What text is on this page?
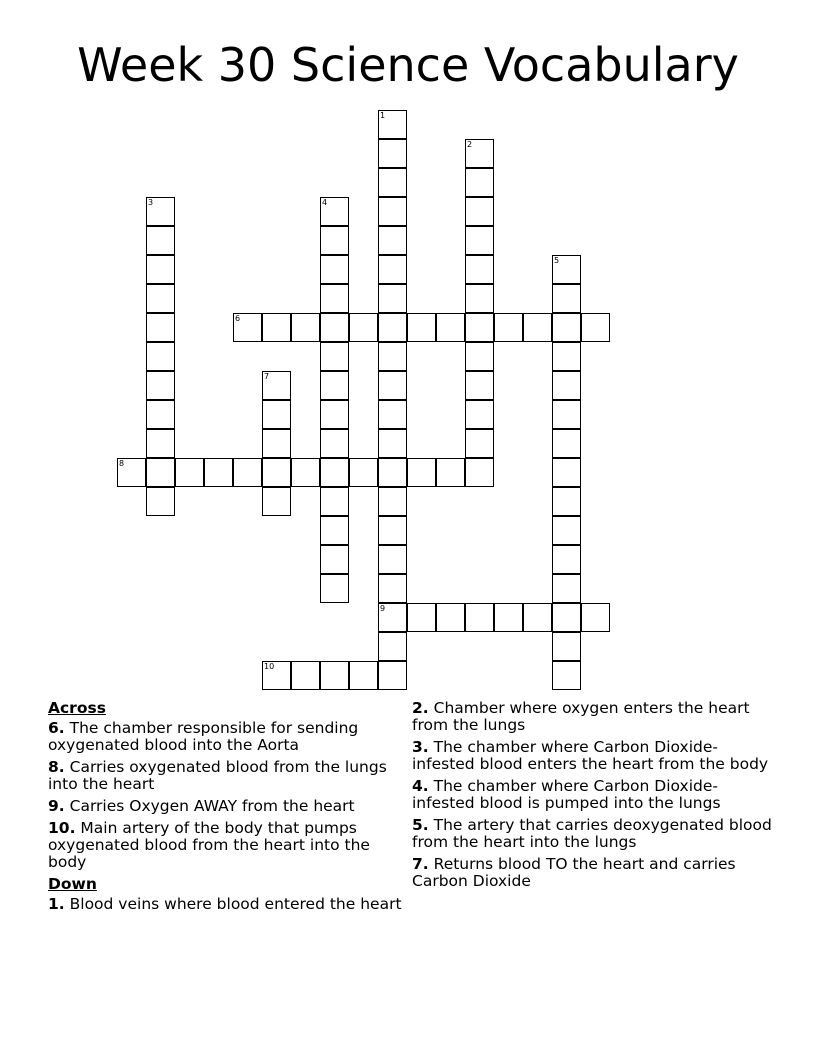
Week 30 Science Vocabulary
1
9
2
3	4
5
6
7
8
10
Across
6. The chamber responsible for sending oxygenated blood into the Aorta
8. Carries oxygenated blood from the lungs into the heart
9. Carries Oxygen AWAY from the heart
10. Main artery of the body that pumps oxygenated blood from the heart into the body
Down
1. Blood veins where blood entered the heart
2. Chamber where oxygen enters the heart from the lungs
3. The chamber where Carbon Dioxide-infested blood enters the heart from the body
4. The chamber where Carbon Dioxide-infested blood is pumped into the lungs
5. The artery that carries deoxygenated blood from the heart into the lungs
7. Returns blood TO the heart and carries Carbon Dioxide
